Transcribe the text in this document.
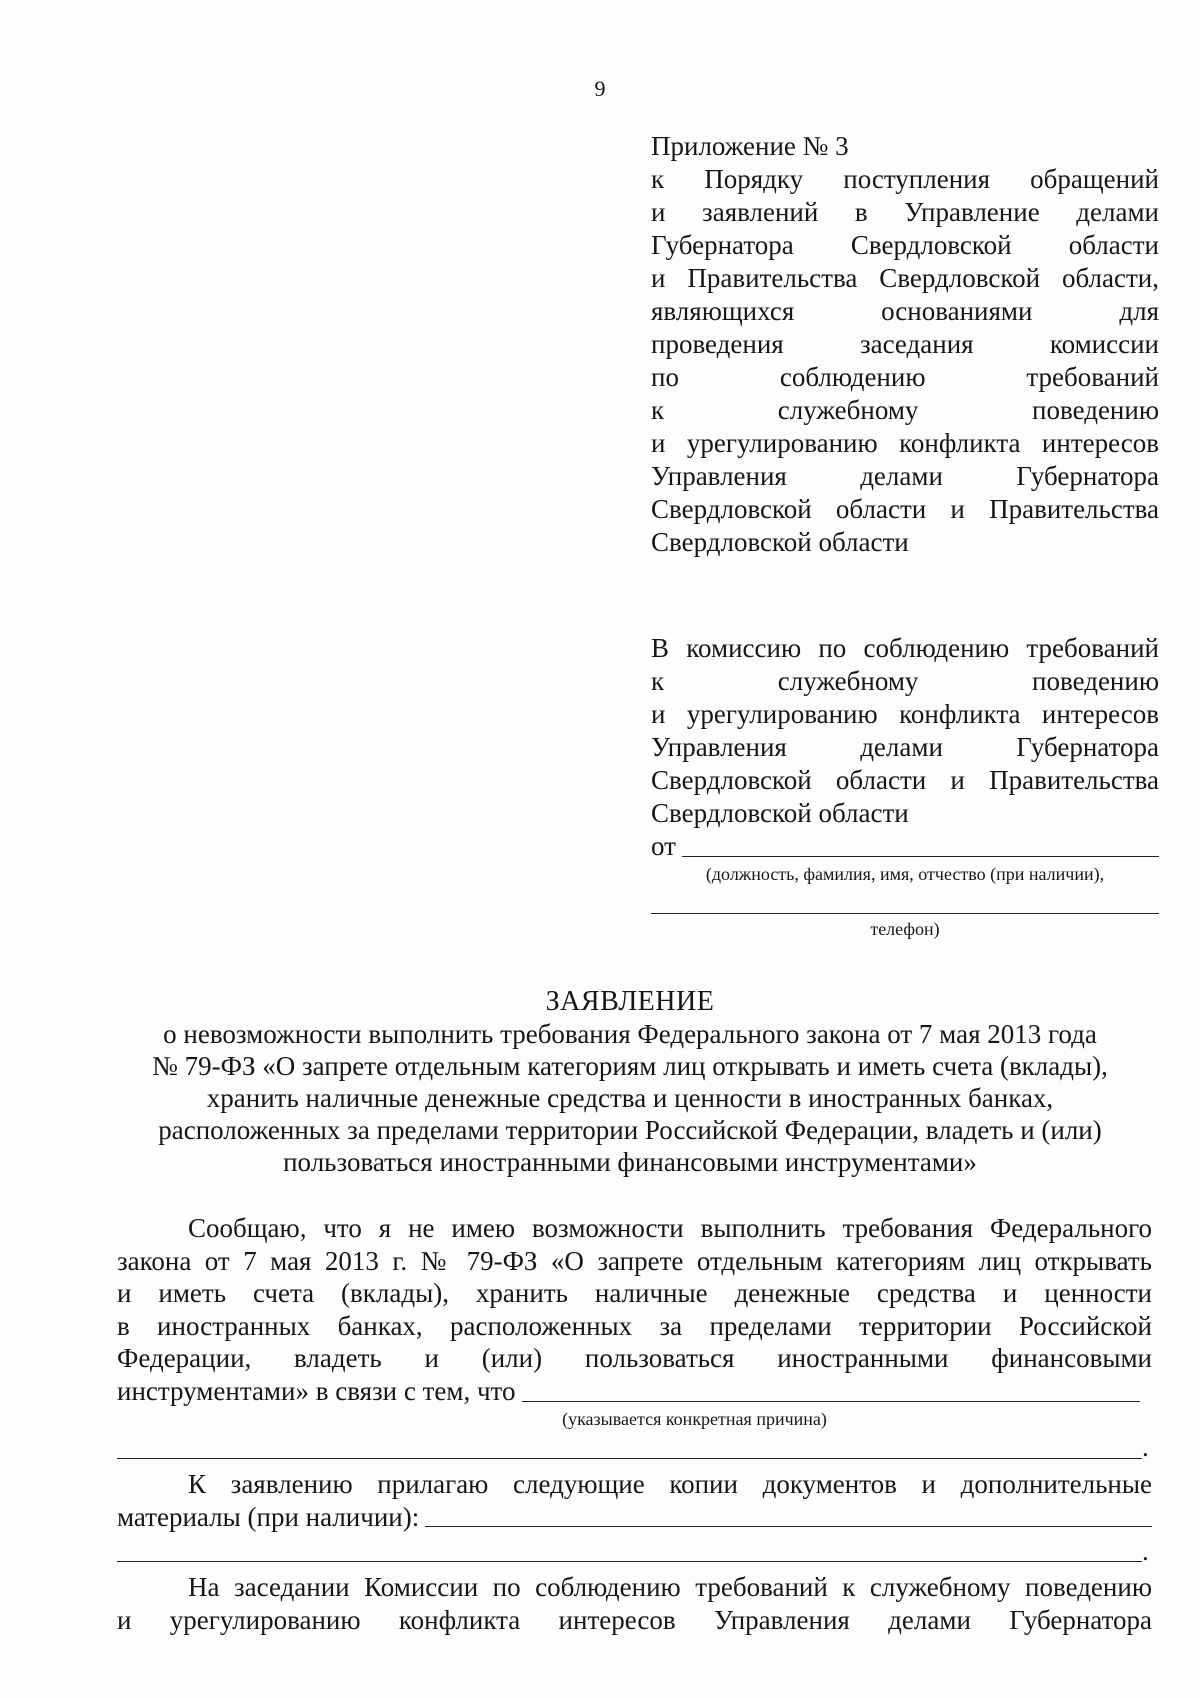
9
Приложение № 3
к Порядку поступления обращений
и заявлений в Управление делами
Губернатора Свердловской области
и Правительства Свердловской области,
являющихся основаниями для
проведения заседания комиссии
по соблюдению требований
к служебному поведению
и урегулированию конфликта интересов
Управления делами Губернатора
Свердловской области и Правительства
Свердловской области
В комиссию по соблюдению требований
к служебному поведению
и урегулированию конфликта интересов
Управления делами Губернатора
Свердловской области и Правительства
Свердловской области
от
(должность, фамилия, имя, отчество (при наличии),
телефон)
ЗАЯВЛЕНИЕ
о невозможности выполнить требования Федерального закона от 7 мая 2013 года
№ 79-ФЗ «О запрете отдельным категориям лиц открывать и иметь счета (вклады),
хранить наличные денежные средства и ценности в иностранных банках,
расположенных за пределами территории Российской Федерации, владеть и (или)
пользоваться иностранными финансовыми инструментами»
Сообщаю, что я не имею возможности выполнить требования Федерального
закона от 7 мая 2013 г. № 79-ФЗ «О запрете отдельным категориям лиц открывать
и иметь счета (вклады), хранить наличные денежные средства и ценности
в иностранных банках, расположенных за пределами территории Российской
Федерации, владеть и (или) пользоваться иностранными финансовыми
инструментами» в связи с тем, что
(указывается конкретная причина)
.
К заявлению прилагаю следующие копии документов и дополнительные
материалы (при наличии):
.
На заседании Комиссии по соблюдению требований к служебному поведению
и урегулированию конфликта интересов Управления делами Губернатора
